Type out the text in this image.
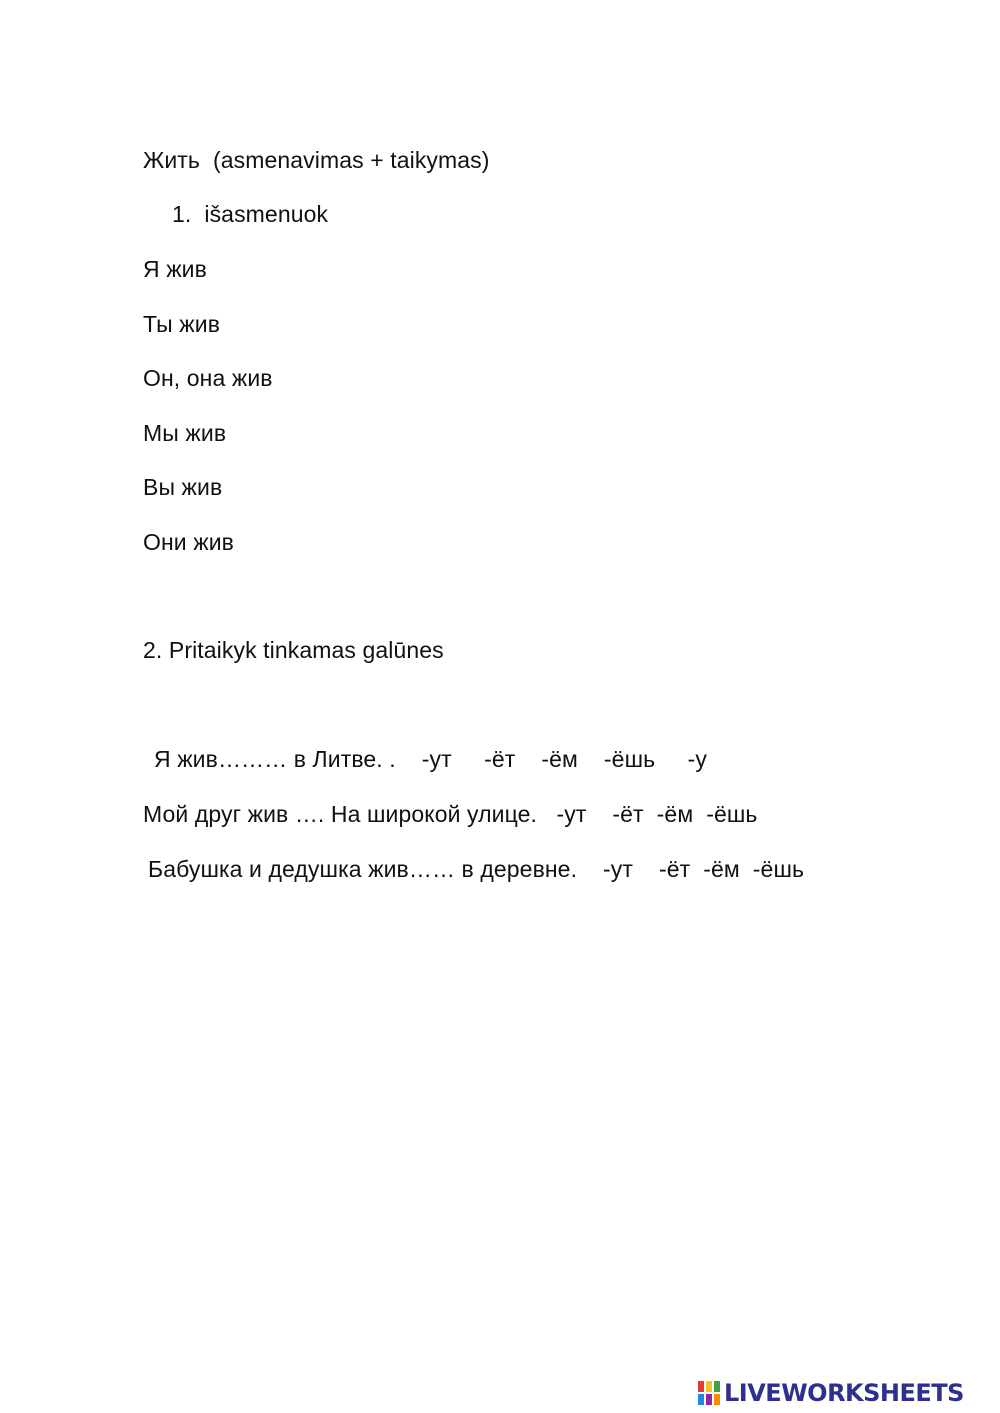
Жить  (asmenavimas + taikymas)
1.  išasmenuok
Я жив
Ты жив
Он, она жив
Мы жив
Вы жив
Они жив
2. Pritaikyk tinkamas galūnes
Я жив……… в Литве. .    -ут     -ёт    -ём    -ёшь     -у
Мой друг жив …. На широкой улице.   -ут    -ёт  -ём  -ёшь
Бабушка и дедушка жив…… в деревне.    -ут    -ёт  -ём  -ёшь
LIVEWORKSHEETS
